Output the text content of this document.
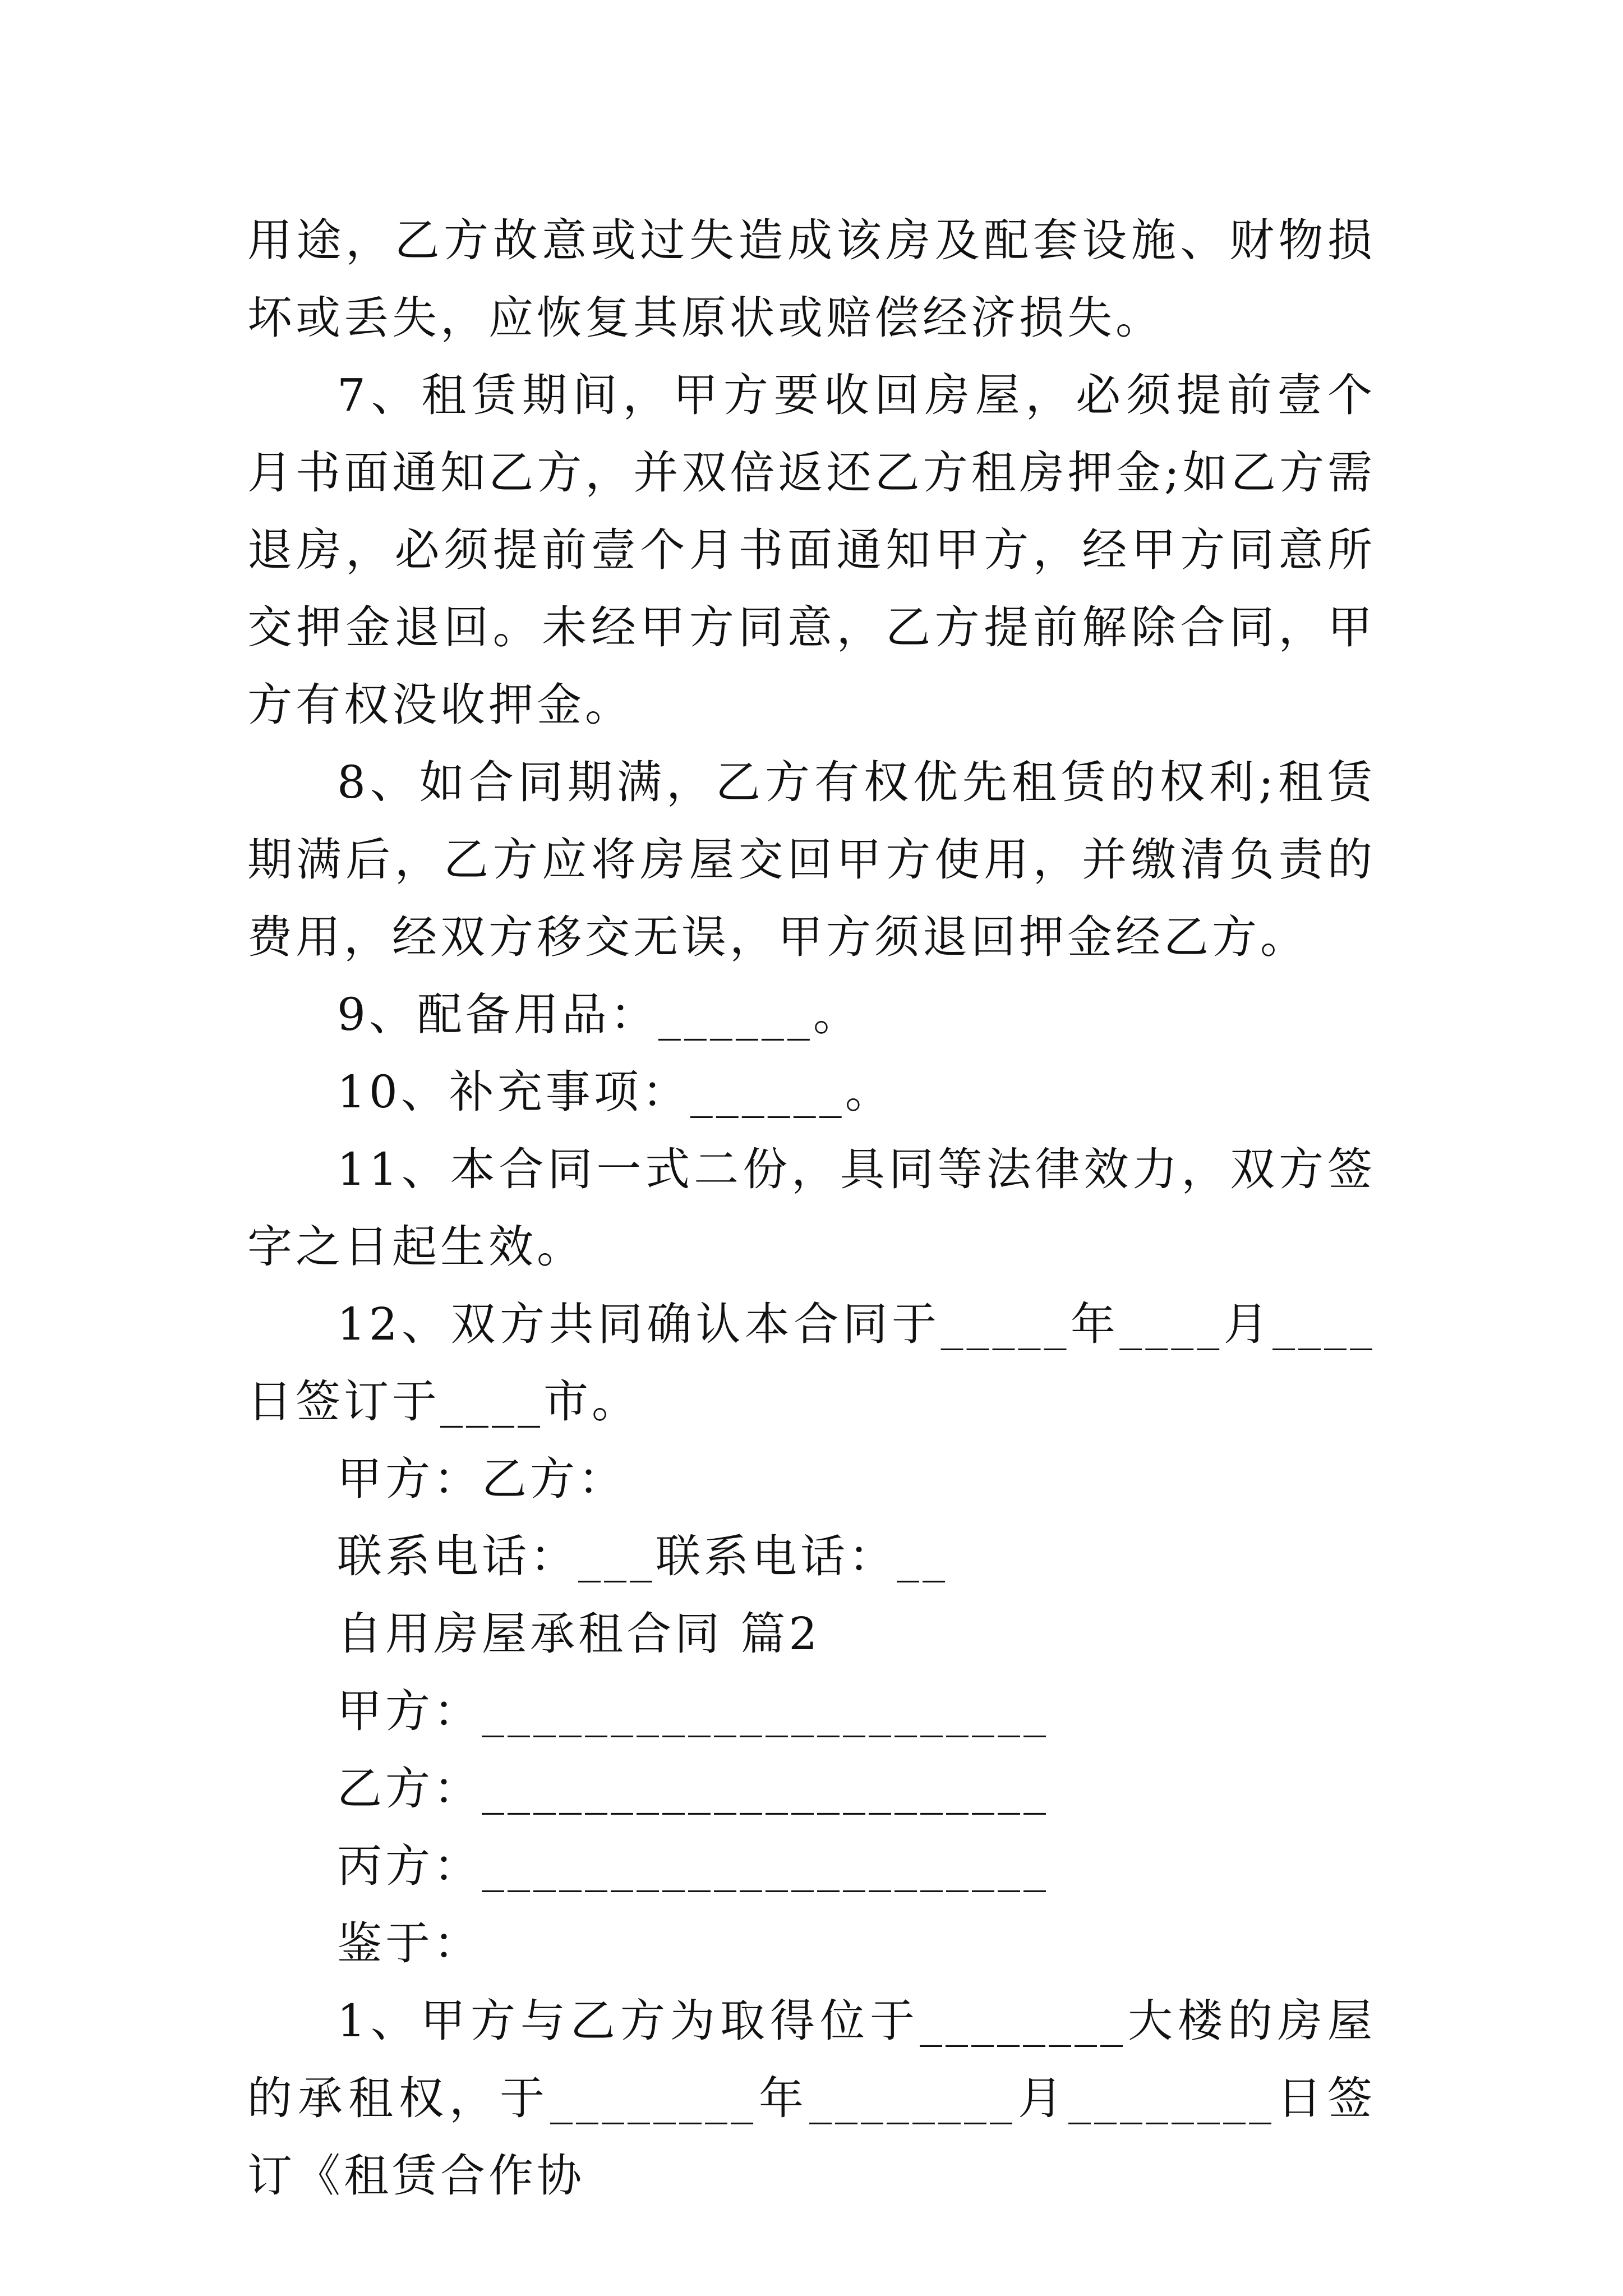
用途，乙方故意或过失造成该房及配套设施、财物损坏或丢失，应恢复其原状或赔偿经济损失。

7、租赁期间，甲方要收回房屋，必须提前壹个月书面通知乙方，并双倍返还乙方租房押金;如乙方需退房，必须提前壹个月书面通知甲方，经甲方同意所交押金退回。未经甲方同意，乙方提前解除合同，甲方有权没收押金。

8、如合同期满，乙方有权优先租赁的权利;租赁期满后，乙方应将房屋交回甲方使用，并缴清负责的费用，经双方移交无误，甲方须退回押金经乙方。

9、配备用品：______。

10、补充事项：______。

11、本合同一式二份，具同等法律效力，双方签字之日起生效。

12、双方共同确认本合同于_____年____月____日签订于____市。

甲方：乙方：

联系电话：___联系电话：__

自用房屋承租合同 篇2

甲方：______________________

乙方：______________________

丙方：______________________

鉴于：

1、甲方与乙方为取得位于________大楼的房屋的承租权，于________年________月________日签订《租赁合作协
